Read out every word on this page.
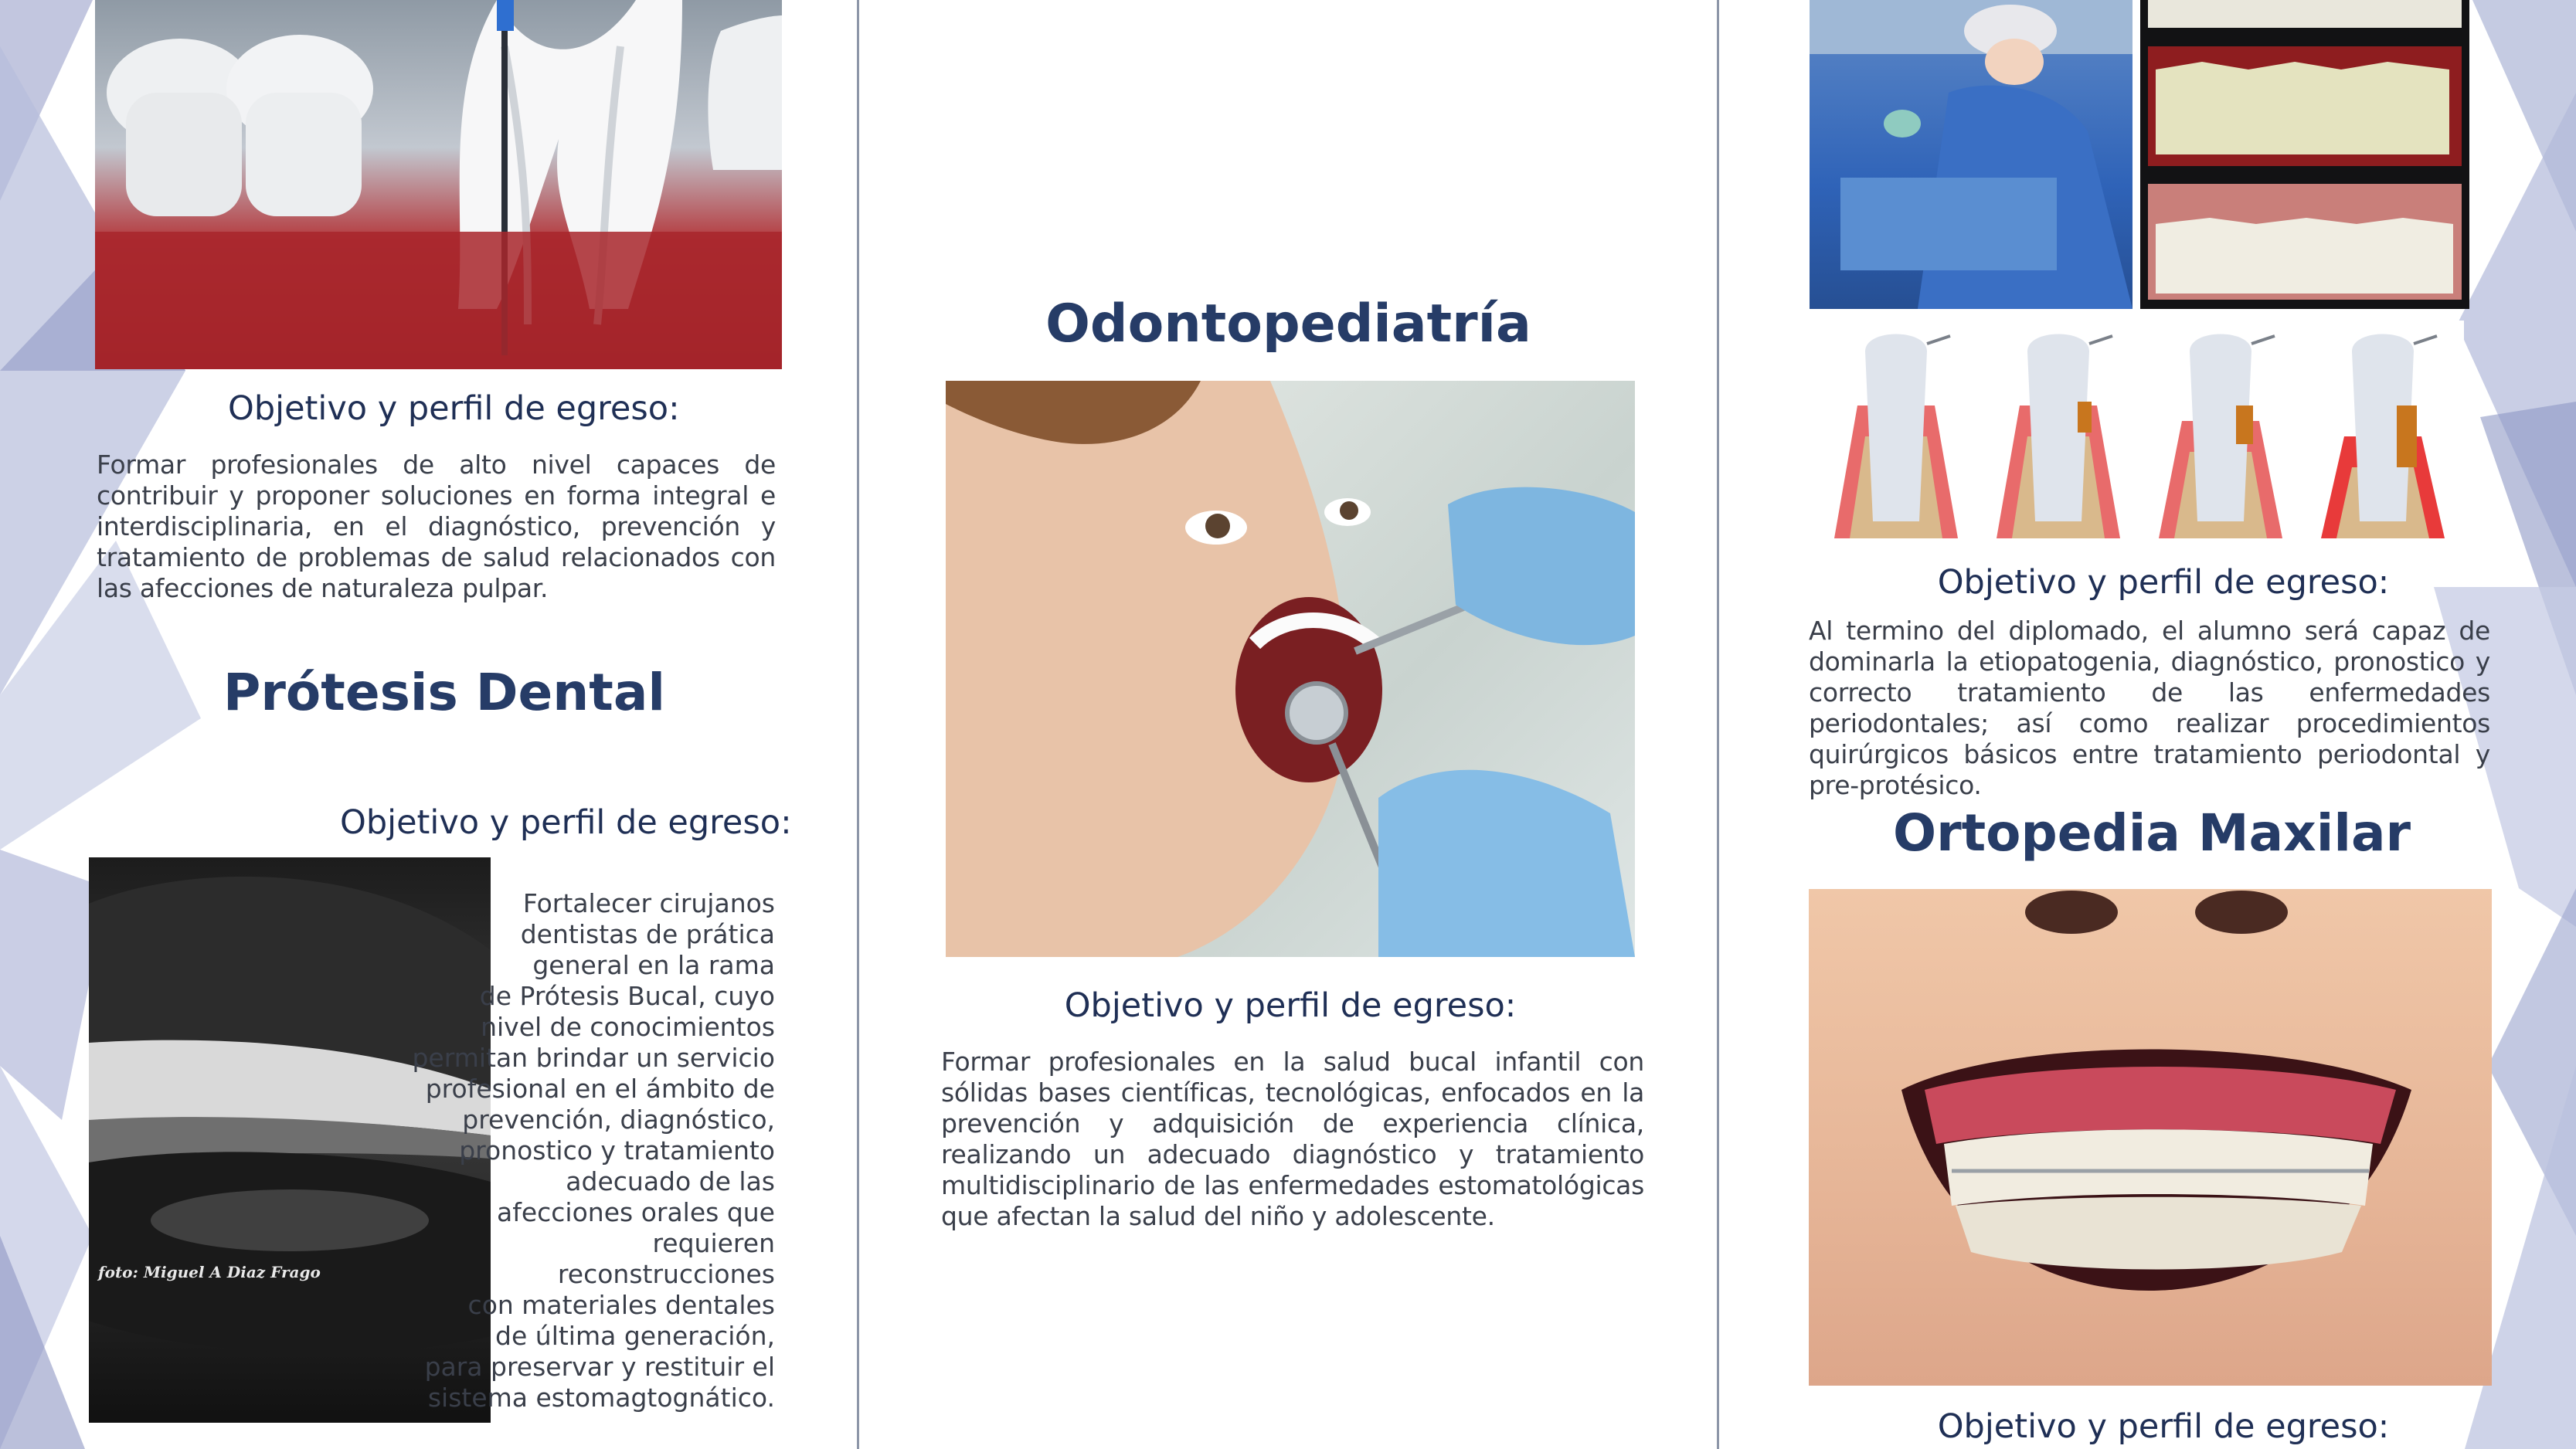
Objetivo y perfil de egreso:
Formar profesionales de alto nivel capaces de contribuir y proponer soluciones en forma integral e interdisciplinaria, en el diagnóstico, prevención y tratamiento de problemas de salud relacionados con las afecciones de naturaleza pulpar.
Prótesis Dental
Objetivo y perfil de egreso:
foto: Miguel A Diaz Frago
Fortalecer cirujanos
dentistas de prática
general en la rama
de Prótesis Bucal, cuyo
nivel de conocimientos
permitan brindar un servicio
profesional en el ámbito de
prevención, diagnóstico,
pronostico y tratamiento
adecuado de las
afecciones orales que
requieren
reconstrucciones
con materiales dentales
de última generación,
para preservar y restituir el
sistema estomagtognático.
Odontopediatría
Objetivo y perfil de egreso:
Formar profesionales en la salud bucal infantil con sólidas bases científicas, tecnológicas, enfocados en la prevención y adquisición de experiencia clínica, realizando un adecuado diagnóstico y tratamiento multidisciplinario de las enfermedades estomatológicas que afectan la salud del niño y adolescente.
Objetivo y perfil de egreso:
Al termino del diplomado, el alumno será capaz de dominarla la etiopatogenia, diagnóstico, pronostico y correcto tratamiento de las enfermedades periodontales; así como realizar procedimientos quirúrgicos básicos entre tratamiento periodontal y pre-protésico.
Ortopedia Maxilar
Objetivo y perfil de egreso:
